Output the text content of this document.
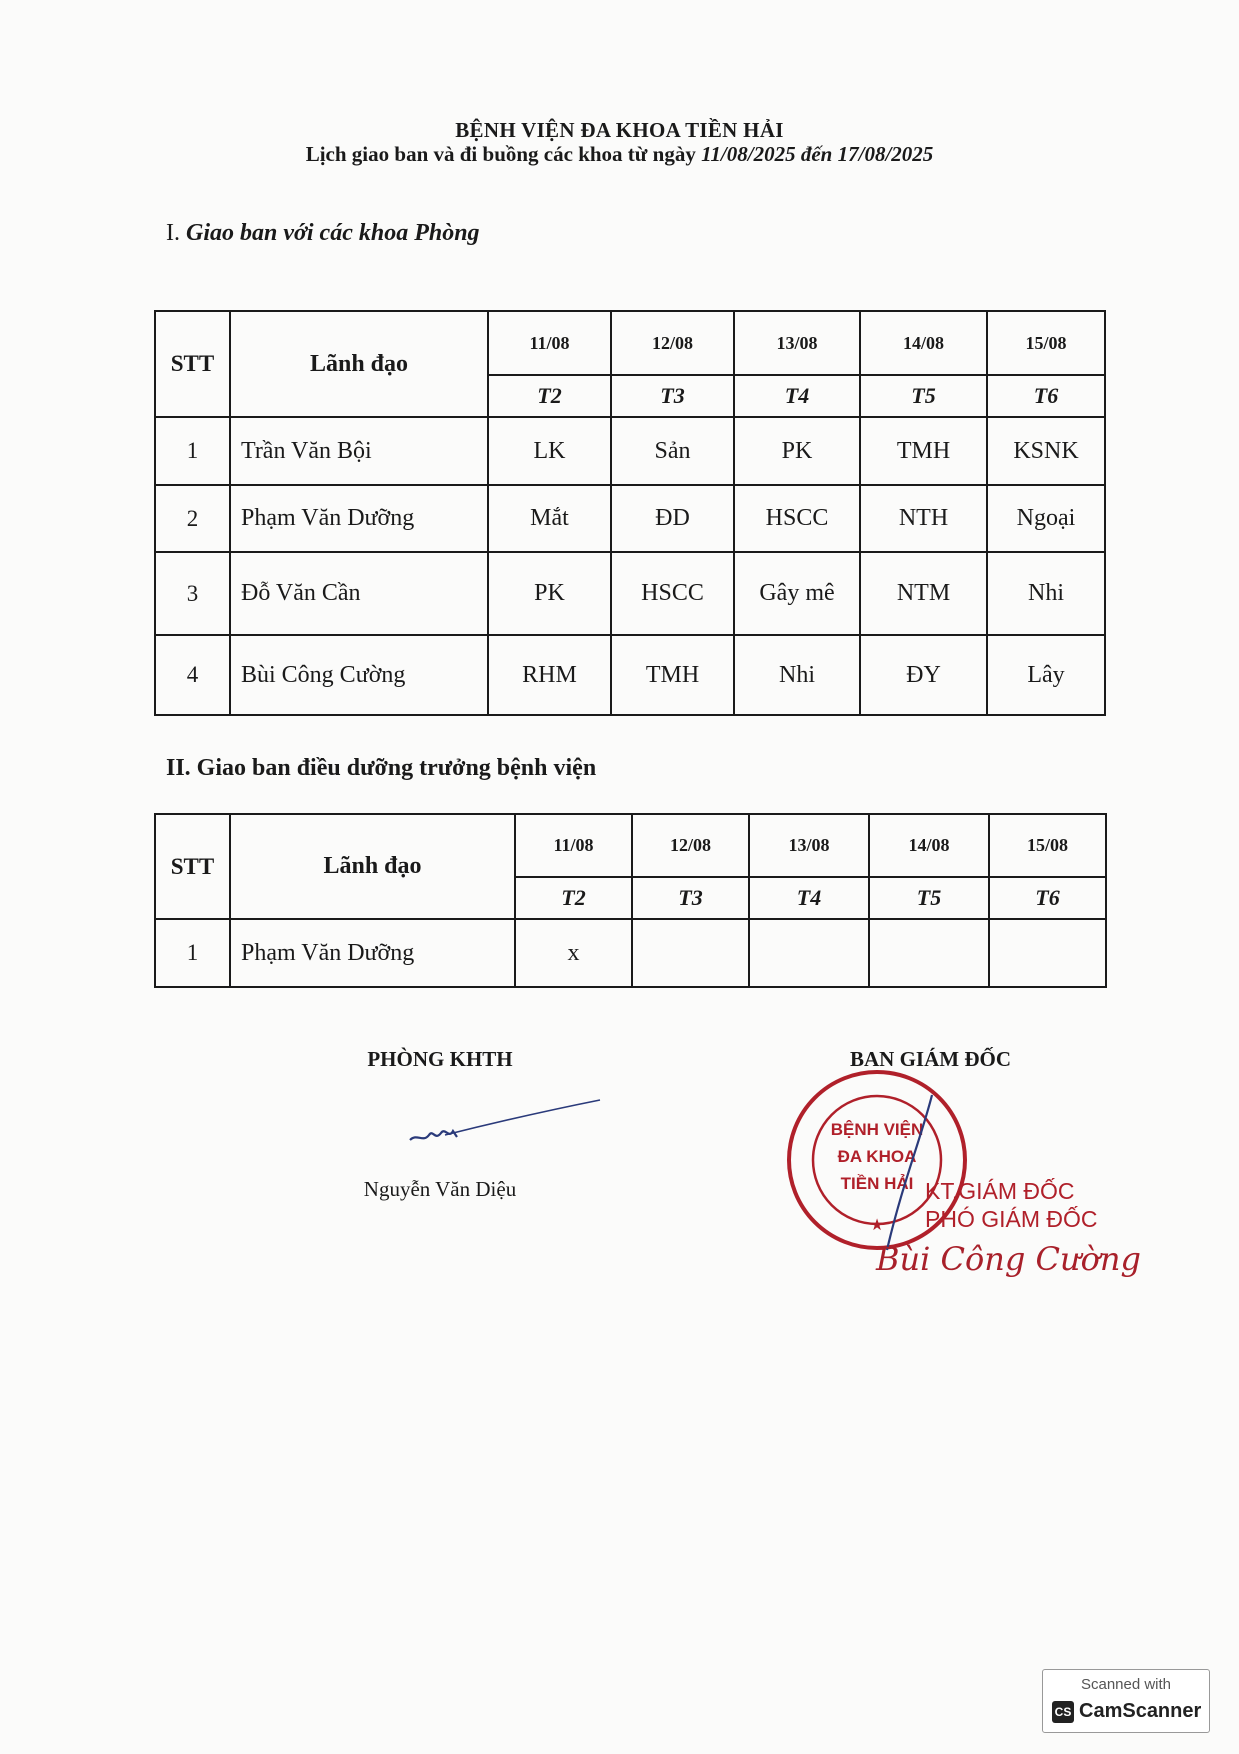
BỆNH VIỆN ĐA KHOA TIỀN HẢI
Lịch giao ban và đi buồng các khoa từ ngày 11/08/2025 đến 17/08/2025
I. Giao ban với các khoa Phòng
STT	Lãnh đạo	11/08	12/08	13/08	14/08	15/08
		T2	T3	T4	T5	T6
1	Trần Văn Bội	LK	Sản	PK	TMH	KSNK
2	Phạm Văn Dưỡng	Mắt	ĐD	HSCC	NTH	Ngoại
3	Đỗ Văn Cần	PK	HSCC	Gây mê	NTM	Nhi
4	Bùi Công Cường	RHM	TMH	Nhi	ĐY	Lây
II. Giao ban điều dưỡng trưởng bệnh viện
STT	Lãnh đạo	11/08	12/08	13/08	14/08	15/08
		T2	T3	T4	T5	T6
1	Phạm Văn Dưỡng	x				
PHÒNG KHTH
Nguyễn Văn Diệu
BAN GIÁM ĐỐC
BỆNH VIỆN
ĐA KHOA
TIỀN HẢI
★
KT.GIÁM ĐỐC
PHÓ GIÁM ĐỐC
Bùi Công Cường
Scanned with
CS CamScanner
